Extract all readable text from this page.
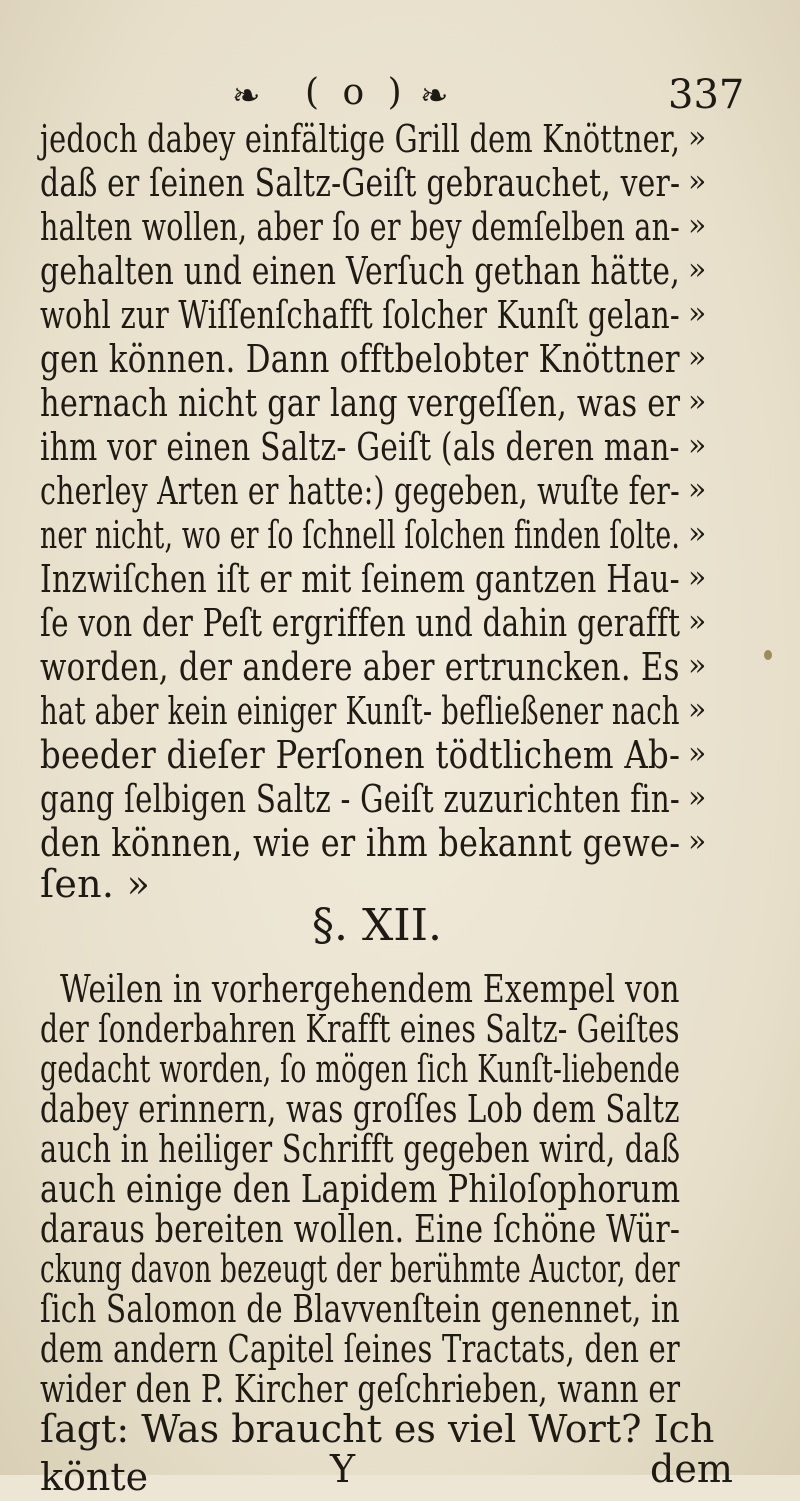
❧ ( o ) ❧	337
jedoch dabey einfältige Grill dem Knöttner,
daß er ſeinen Saltz-Geiſt gebrauchet, ver-
halten wollen, aber ſo er bey demſelben an-
gehalten und einen Verſuch gethan hätte,
wohl zur Wiſſenſchafft ſolcher Kunſt gelan-
gen können. Dann offtbelobter Knöttner
hernach nicht gar lang vergeſſen, was er
ihm vor einen Saltz- Geiſt (als deren man-
cherley Arten er hatte:) gegeben, wuſte fer-
ner nicht, wo er ſo ſchnell ſolchen finden ſolte.
Inzwiſchen iſt er mit ſeinem gantzen Hau-
ſe von der Peſt ergriffen und dahin gerafft
worden, der andere aber ertruncken. Es
hat aber kein einiger Kunſt- befließener nach
beeder dieſer Perſonen tödtlichem Ab-
gang ſelbigen Saltz - Geiſt zuzurichten fin-
den können, wie er ihm bekannt gewe-
ſen. »
»
»
»
»
»
»
»
»
»
»
»
»
»
»
»
»
»
§. XII.
Weilen in vorhergehendem Exempel von
der ſonderbahren Krafft eines Saltz- Geiſtes
gedacht worden, ſo mögen ſich Kunſt-liebende
dabey erinnern, was groſſes Lob dem Saltz
auch in heiliger Schrifft gegeben wird, daß
auch einige den Lapidem Philoſophorum
daraus bereiten wollen. Eine ſchöne Wür-
ckung davon bezeugt der berühmte Auctor, der
ſich Salomon de Blavvenſtein genennet, in
dem andern Capitel ſeines Tractats, den er
wider den P. Kircher geſchrieben, wann er
ſagt: Was braucht es viel Wort? Ich könte	dem
Y
